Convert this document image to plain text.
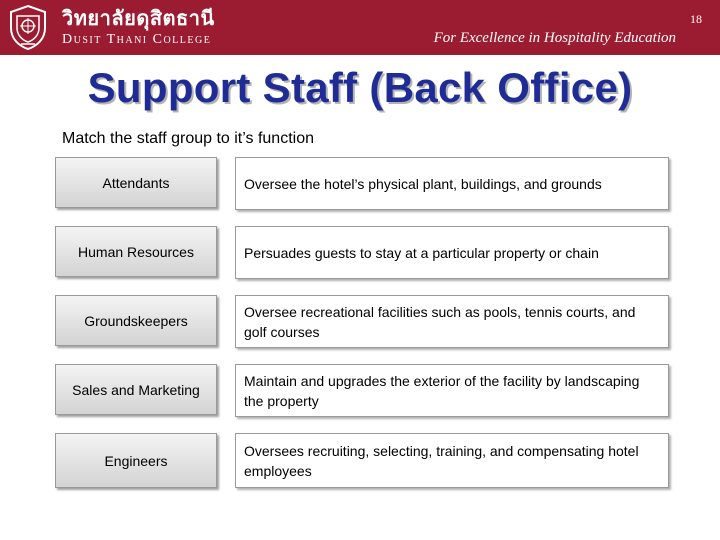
วิทยาลัยดุสิตธานี
Dusit Thani College
18
For Excellence in Hospitality Education
Support Staff (Back Office)
Match the staff group to it’s function
Attendants	Oversee the hotel’s physical plant, buildings, and grounds
Human Resources	Persuades guests to stay at a particular property or chain
Groundskeepers
Oversee recreational facilities such as pools, tennis courts, and golf courses
Sales and Marketing
Maintain and upgrades the exterior of the facility by landscaping the property
Engineers
Oversees recruiting, selecting, training, and compensating hotel employees
